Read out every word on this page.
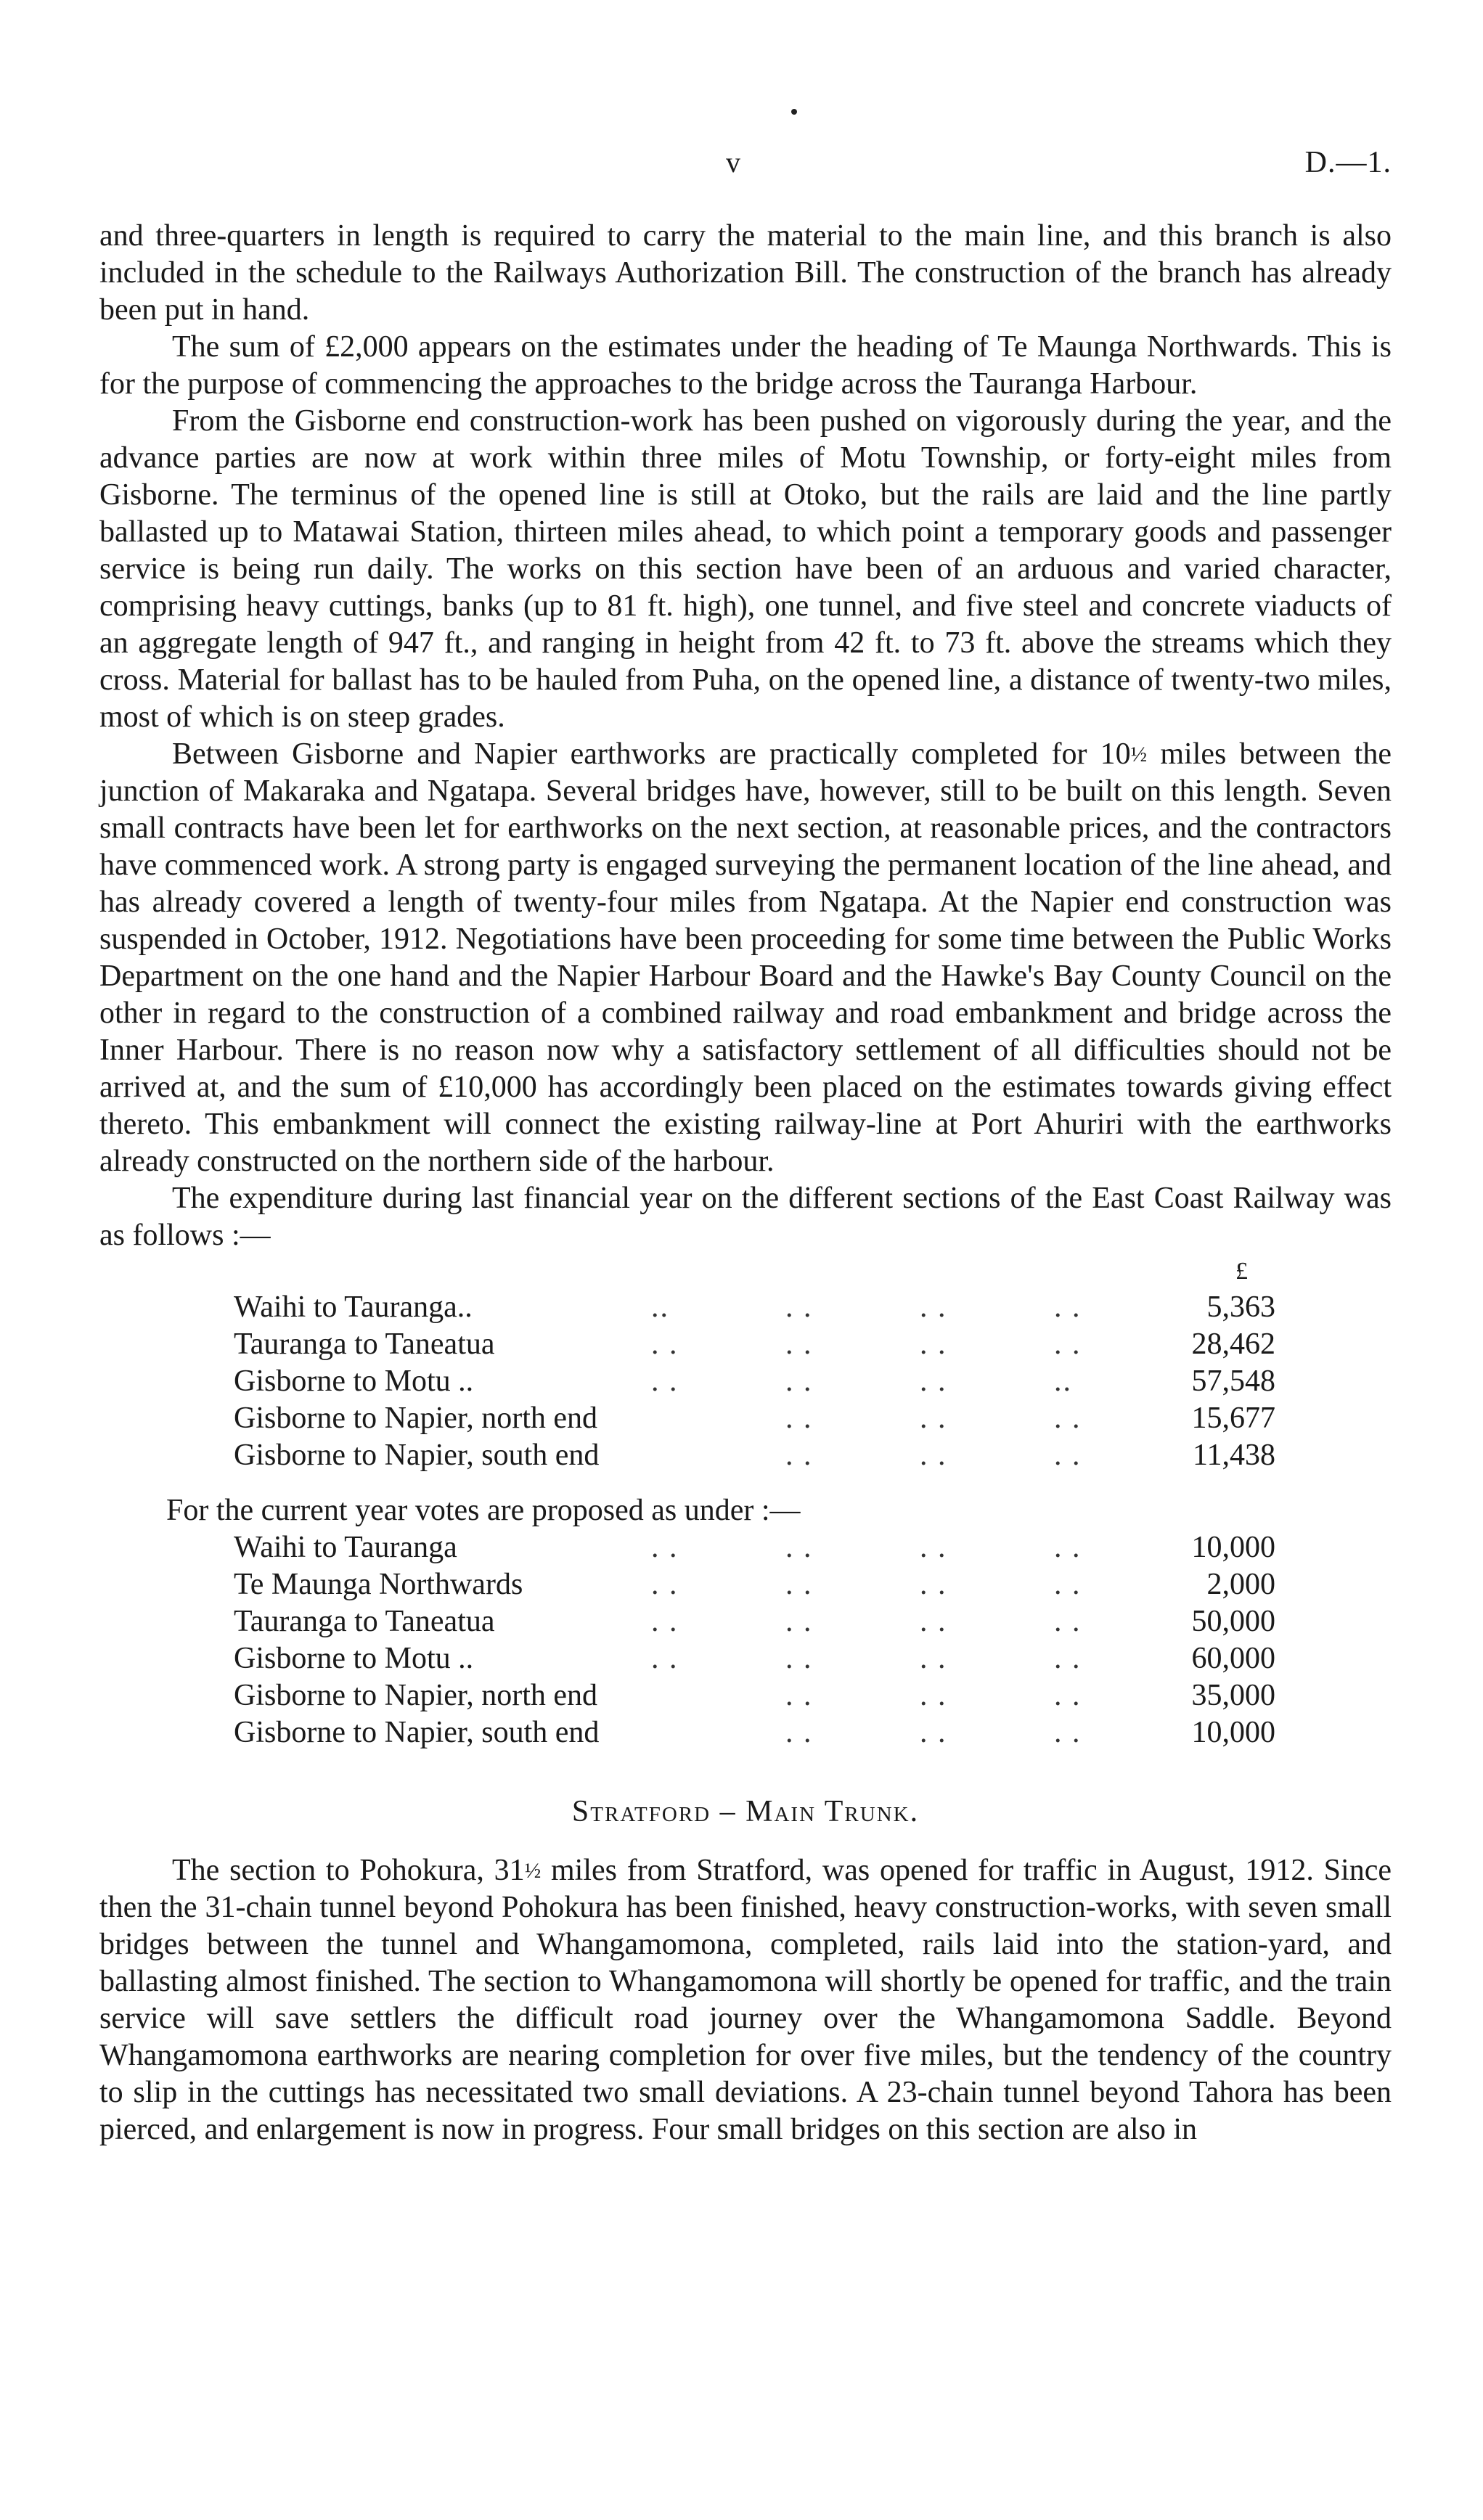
v	D.—1.

and three-quarters in length is required to carry the material to the main line, and this branch is also included in the schedule to the Railways Authorization Bill. The construction of the branch has already been put in hand.

The sum of £2,000 appears on the estimates under the heading of Te Maunga Northwards. This is for the purpose of commencing the approaches to the bridge across the Tauranga Harbour.

From the Gisborne end construction-work has been pushed on vigorously during the year, and the advance parties are now at work within three miles of Motu Township, or forty-eight miles from Gisborne. The terminus of the opened line is still at Otoko, but the rails are laid and the line partly ballasted up to Matawai Station, thirteen miles ahead, to which point a temporary goods and passenger service is being run daily. The works on this section have been of an arduous and varied character, comprising heavy cuttings, banks (up to 81 ft. high), one tunnel, and five steel and concrete viaducts of an aggregate length of 947 ft., and ranging in height from 42 ft. to 73 ft. above the streams which they cross. Material for ballast has to be hauled from Puha, on the opened line, a distance of twenty-two miles, most of which is on steep grades.

Between Gisborne and Napier earthworks are practically completed for 10½ miles between the junction of Makaraka and Ngatapa. Several bridges have, however, still to be built on this length. Seven small contracts have been let for earthworks on the next section, at reasonable prices, and the contractors have commenced work. A strong party is engaged surveying the permanent location of the line ahead, and has already covered a length of twenty-four miles from Ngatapa. At the Napier end construction was suspended in October, 1912. Negotiations have been proceeding for some time between the Public Works Department on the one hand and the Napier Harbour Board and the Hawke's Bay County Council on the other in regard to the construction of a combined railway and road embankment and bridge across the Inner Harbour. There is no reason now why a satisfactory settlement of all difficulties should not be arrived at, and the sum of £10,000 has accordingly been placed on the estimates towards giving effect thereto. This embankment will connect the existing railway-line at Port Ahuriri with the earthworks already constructed on the northern side of the harbour.

The expenditure during last financial year on the different sections of the East Coast Railway was as follows :—

£
Waihi to Tauranga..	..	. .	. .	. .	5,363
Tauranga to Taneatua	. .	. .	. .	. .	28,462
Gisborne to Motu ..	. .	. .	. .	..	57,548
Gisborne to Napier, north end	. .	. .	. .	15,677
Gisborne to Napier, south end	. .	. .	. .	11,438
For the current year votes are proposed as under :—
Waihi to Tauranga	. .	. .	. .	. .	10,000
Te Maunga Northwards	. .	. .	. .	. .	2,000
Tauranga to Taneatua	. .	. .	. .	. .	50,000
Gisborne to Motu ..	. .	. .	. .	. .	60,000
Gisborne to Napier, north end	. .	. .	. .	35,000
Gisborne to Napier, south end	. .	. .	. .	10,000
Stratford – Main Trunk.

The section to Pohokura, 31½ miles from Stratford, was opened for traffic in August, 1912. Since then the 31-chain tunnel beyond Pohokura has been finished, heavy construction-works, with seven small bridges between the tunnel and Whangamomona, completed, rails laid into the station-yard, and ballasting almost finished. The section to Whangamomona will shortly be opened for traffic, and the train service will save settlers the difficult road journey over the Whangamomona Saddle. Beyond Whangamomona earthworks are nearing completion for over five miles, but the tendency of the country to slip in the cuttings has necessitated two small deviations. A 23-chain tunnel beyond Tahora has been pierced, and enlargement is now in progress. Four small bridges on this section are also in
